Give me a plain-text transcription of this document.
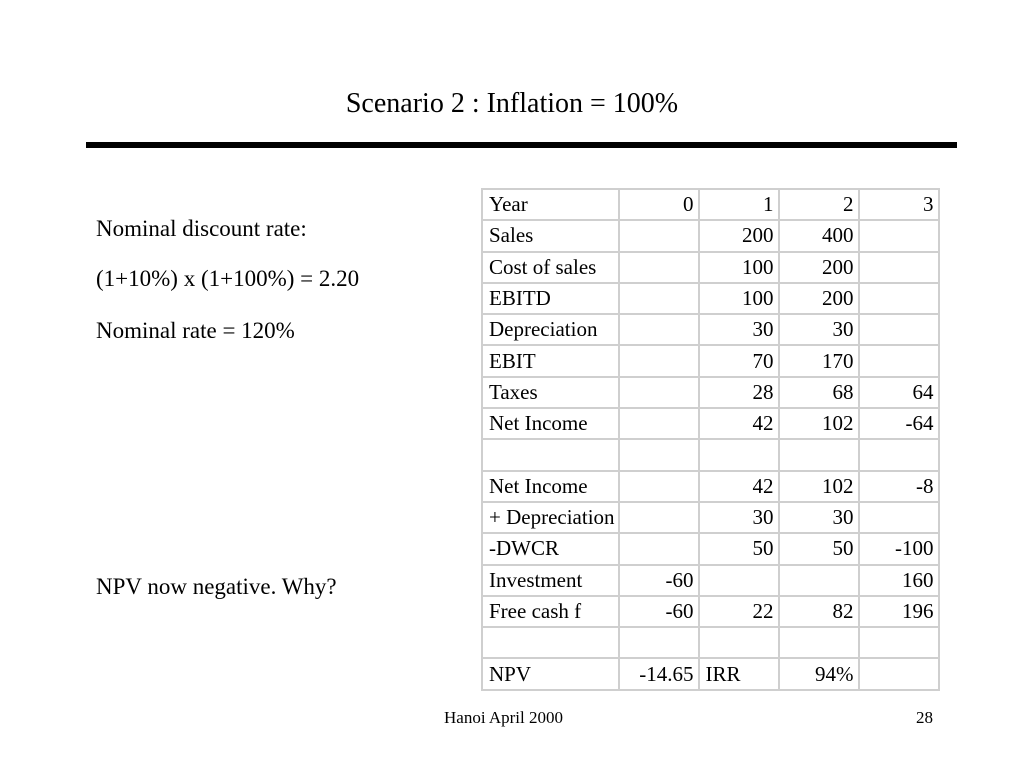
Scenario 2 : Inflation = 100%
Nominal discount rate:
(1+10%) x (1+100%) = 2.20
Nominal rate = 120%
NPV now negative. Why?
Year	0	1	2	3
Sales		200	400	
Cost of sales		100	200	
EBITD		100	200	
Depreciation		30	30	
EBIT		70	170	
Taxes		28	68	64
Net Income		42	102	-64

Net Income		42	102	-8
+ Depreciation		30	30	
-DWCR		50	50	-100
Investment	-60			160
Free cash f	-60	22	82	196

NPV	-14.65	IRR	94%	
Hanoi April 2000	28
